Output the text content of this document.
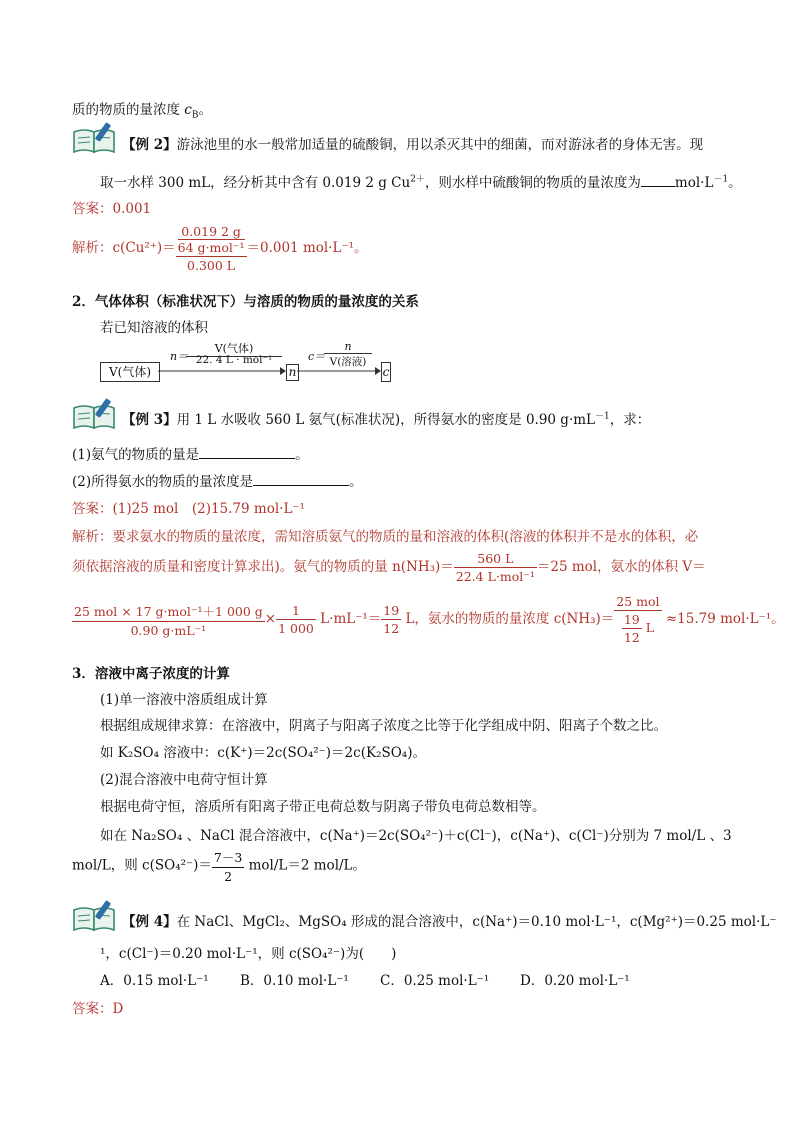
质的物质的量浓度 $c_B$。
【例 2】游泳池里的水一般常加适量的硫酸铜，用以杀灭其中的细菌，而对游泳者的身体无害。现
取一水样 300 mL，经分析其中含有 0.019 2 g $Cu^{2+}$，则水样中硫酸铜的物质的量浓度为	$mol\cdot L^{-1}$。
答案：0.001
解析：c(Cu²⁺)＝ 0.019 2 g
64 g·mol⁻¹
0.300 L ＝0.001 mol·L⁻¹。
2．气体体积（标准状况下）与溶质的物质的量浓度的关系
若已知溶液的体积
V(气体)
n＝
V(气体)
22. 4 L · mol⁻¹
n
c＝
n
V(溶液)
c
【例 3】用 1 L 水吸收 560 L 氨气(标准状况)，所得氨水的密度是 0.90 $g\cdot mL^{-1}$，求：
(1)氨气的物质的量是	。
(2)所得氨水的物质的量浓度是	。
答案：(1)25 mol　(2)15.79 mol·L⁻¹
解析：要求氨水的物质的量浓度，需知溶质氨气的物质的量和溶液的体积(溶液的体积并不是水的体积，必
须依据溶液的质量和密度计算求出)。氨气的物质的量 $n(NH_3)= \frac{560 L}{\text{22.4 L·mol⁻¹}} =25$ mol，氨水的体积 V＝
$\frac{\text{25 mol × 17 g·mol⁻¹＋1 000 g}}{\text{0.90 g·mL⁻¹}} \times \frac{1}{1 000} L\cdot mL^{-1}= \frac{19}{12}$ L，氨水的物质的量浓度 $c(NH_3)= \frac{\text{25 mol}}{\frac{19}{12} L} \approx 15.79$ mol·L⁻¹。
3．溶液中离子浓度的计算
(1)单一溶液中溶质组成计算
根据组成规律求算：在溶液中，阴离子与阳离子浓度之比等于化学组成中阴、阳离子个数之比。
如 K₂SO₄ 溶液中：c(K⁺)＝2c(SO₄²⁻)＝2c(K₂SO₄)。
(2)混合溶液中电荷守恒计算
根据电荷守恒，溶质所有阳离子带正电荷总数与阴离子带负电荷总数相等。
如在 Na₂SO₄ 、NaCl 混合溶液中，c(Na⁺)＝2c(SO₄²⁻)＋c(Cl⁻)，c(Na⁺)、c(Cl⁻)分别为 7 mol/L 、3
mol/L，则 $c(SO_4^{2-})= \frac{7-3}{2} mol/L=2$ mol/L。
【例 4】在 NaCl、MgCl₂、MgSO₄ 形成的混合溶液中，c(Na⁺)＝0.10 mol·L⁻¹，c(Mg²⁺)＝0.25 mol·L⁻
¹，c(Cl⁻)＝0.20 mol·L⁻¹，则 c(SO₄²⁻)为(　　)
A．0.15 mol·L⁻¹ B．0.10 mol·L⁻¹ C．0.25 mol·L⁻¹ D．0.20 mol·L⁻¹
答案：D
